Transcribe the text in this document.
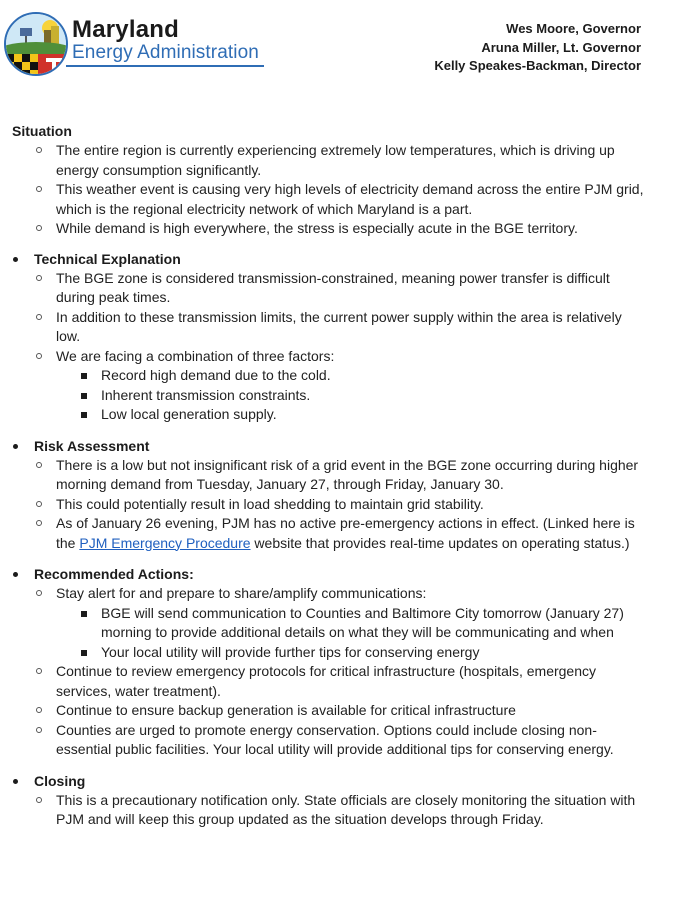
Maryland
Energy Administration
Wes Moore, Governor
Aruna Miller, Lt. Governor
Kelly Speakes-Backman, Director
Situation
The entire region is currently experiencing extremely low temperatures, which is driving up energy consumption significantly.
This weather event is causing very high levels of electricity demand across the entire PJM grid, which is the regional electricity network of which Maryland is a part.
While demand is high everywhere, the stress is especially acute in the BGE territory.
Technical Explanation
The BGE zone is considered transmission-constrained, meaning power transfer is difficult during peak times.
In addition to these transmission limits, the current power supply within the area is relatively low.
We are facing a combination of three factors:
Record high demand due to the cold.
Inherent transmission constraints.
Low local generation supply.
Risk Assessment
There is a low but not insignificant risk of a grid event in the BGE zone occurring during higher morning demand from Tuesday, January 27, through Friday, January 30.
This could potentially result in load shedding to maintain grid stability.
As of January 26 evening, PJM has no active pre-emergency actions in effect. (Linked here is the PJM Emergency Procedure website that provides real-time updates on operating status.)
Recommended Actions:
Stay alert for and prepare to share/amplify communications:
BGE will send communication to Counties and Baltimore City tomorrow (January 27) morning to provide additional details on what they will be communicating and when
Your local utility will provide further tips for conserving energy
Continue to review emergency protocols for critical infrastructure (hospitals, emergency services, water treatment).
Continue to ensure backup generation is available for critical infrastructure
Counties are urged to promote energy conservation. Options could include closing non-essential public facilities. Your local utility will provide additional tips for conserving energy.
Closing
This is a precautionary notification only. State officials are closely monitoring the situation with PJM and will keep this group updated as the situation develops through Friday.
